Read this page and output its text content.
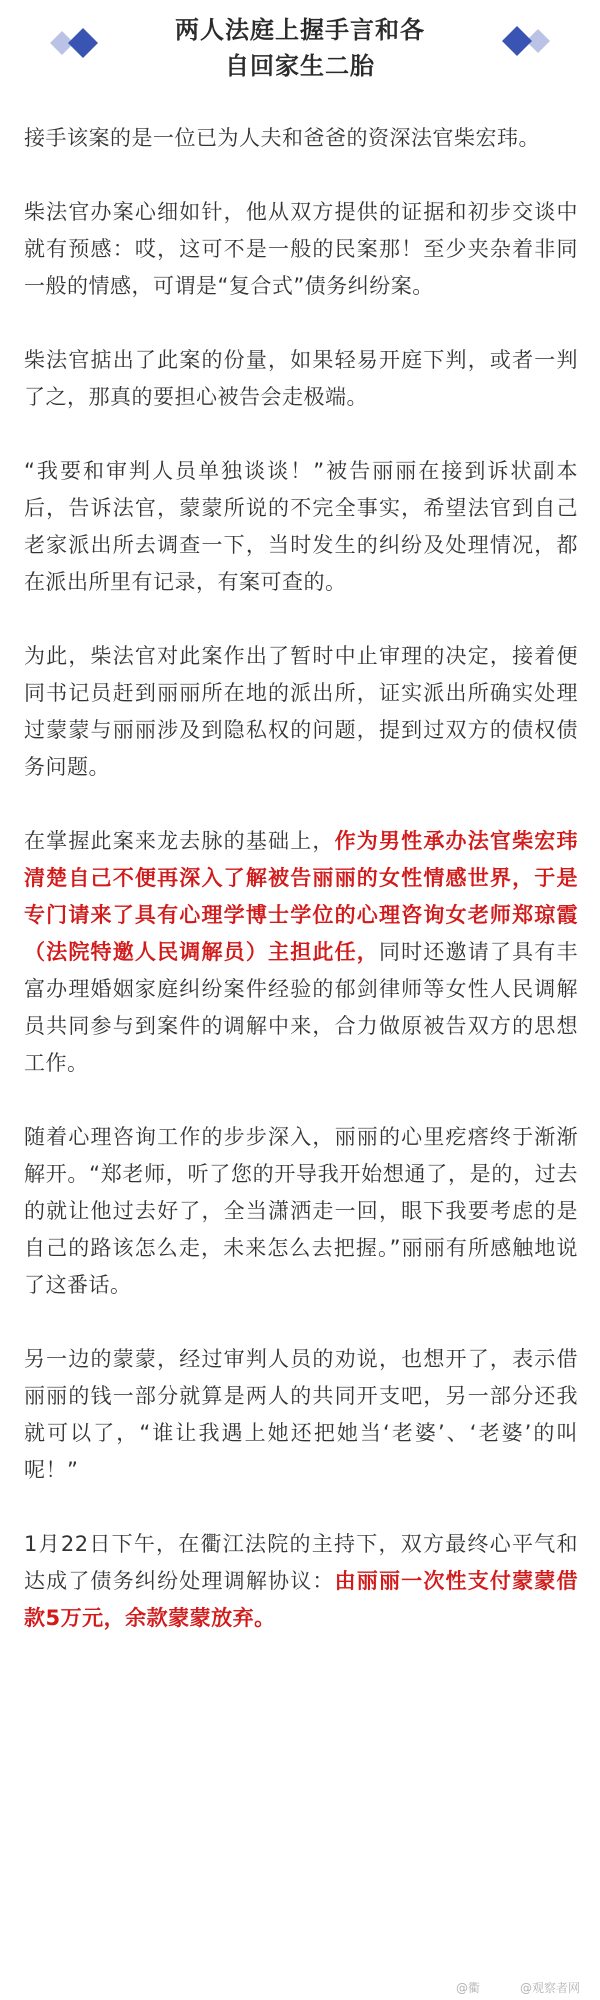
两人法庭上握手言和各
自回家生二胎

接手该案的是一位已为人夫和爸爸的资深法官柴宏玮。

柴法官办案心细如针，他从双方提供的证据和初步交谈中就有预感：哎，这可不是一般的民案那！至少夹杂着非同一般的情感，可谓是“复合式”债务纠纷案。

柴法官掂出了此案的份量，如果轻易开庭下判，或者一判了之，那真的要担心被告会走极端。

“我要和审判人员单独谈谈！”被告丽丽在接到诉状副本后，告诉法官，蒙蒙所说的不完全事实，希望法官到自己老家派出所去调查一下，当时发生的纠纷及处理情况，都在派出所里有记录，有案可查的。

为此，柴法官对此案作出了暂时中止审理的决定，接着便同书记员赶到丽丽所在地的派出所，证实派出所确实处理过蒙蒙与丽丽涉及到隐私权的问题，提到过双方的债权债务问题。

在掌握此案来龙去脉的基础上，作为男性承办法官柴宏玮清楚自己不便再深入了解被告丽丽的女性情感世界，于是专门请来了具有心理学博士学位的心理咨询女老师郑琼霞（法院特邀人民调解员）主担此任，同时还邀请了具有丰富办理婚姻家庭纠纷案件经验的郁剑律师等女性人民调解员共同参与到案件的调解中来，合力做原被告双方的思想工作。

随着心理咨询工作的步步深入，丽丽的心里疙瘩终于渐渐解开。“郑老师，听了您的开导我开始想通了，是的，过去的就让他过去好了，全当潇洒走一回，眼下我要考虑的是自己的路该怎么走，未来怎么去把握。”丽丽有所感触地说了这番话。

另一边的蒙蒙，经过审判人员的劝说，也想开了，表示借丽丽的钱一部分就算是两人的共同开支吧，另一部分还我就可以了，“谁让我遇上她还把她当‘老婆’、‘老婆’的叫呢！”

1月22日下午，在衢江法院的主持下，双方最终心平气和达成了债务纠纷处理调解协议：由丽丽一次性支付蒙蒙借款5万元，余款蒙蒙放弃。

@衢	@观察者网
